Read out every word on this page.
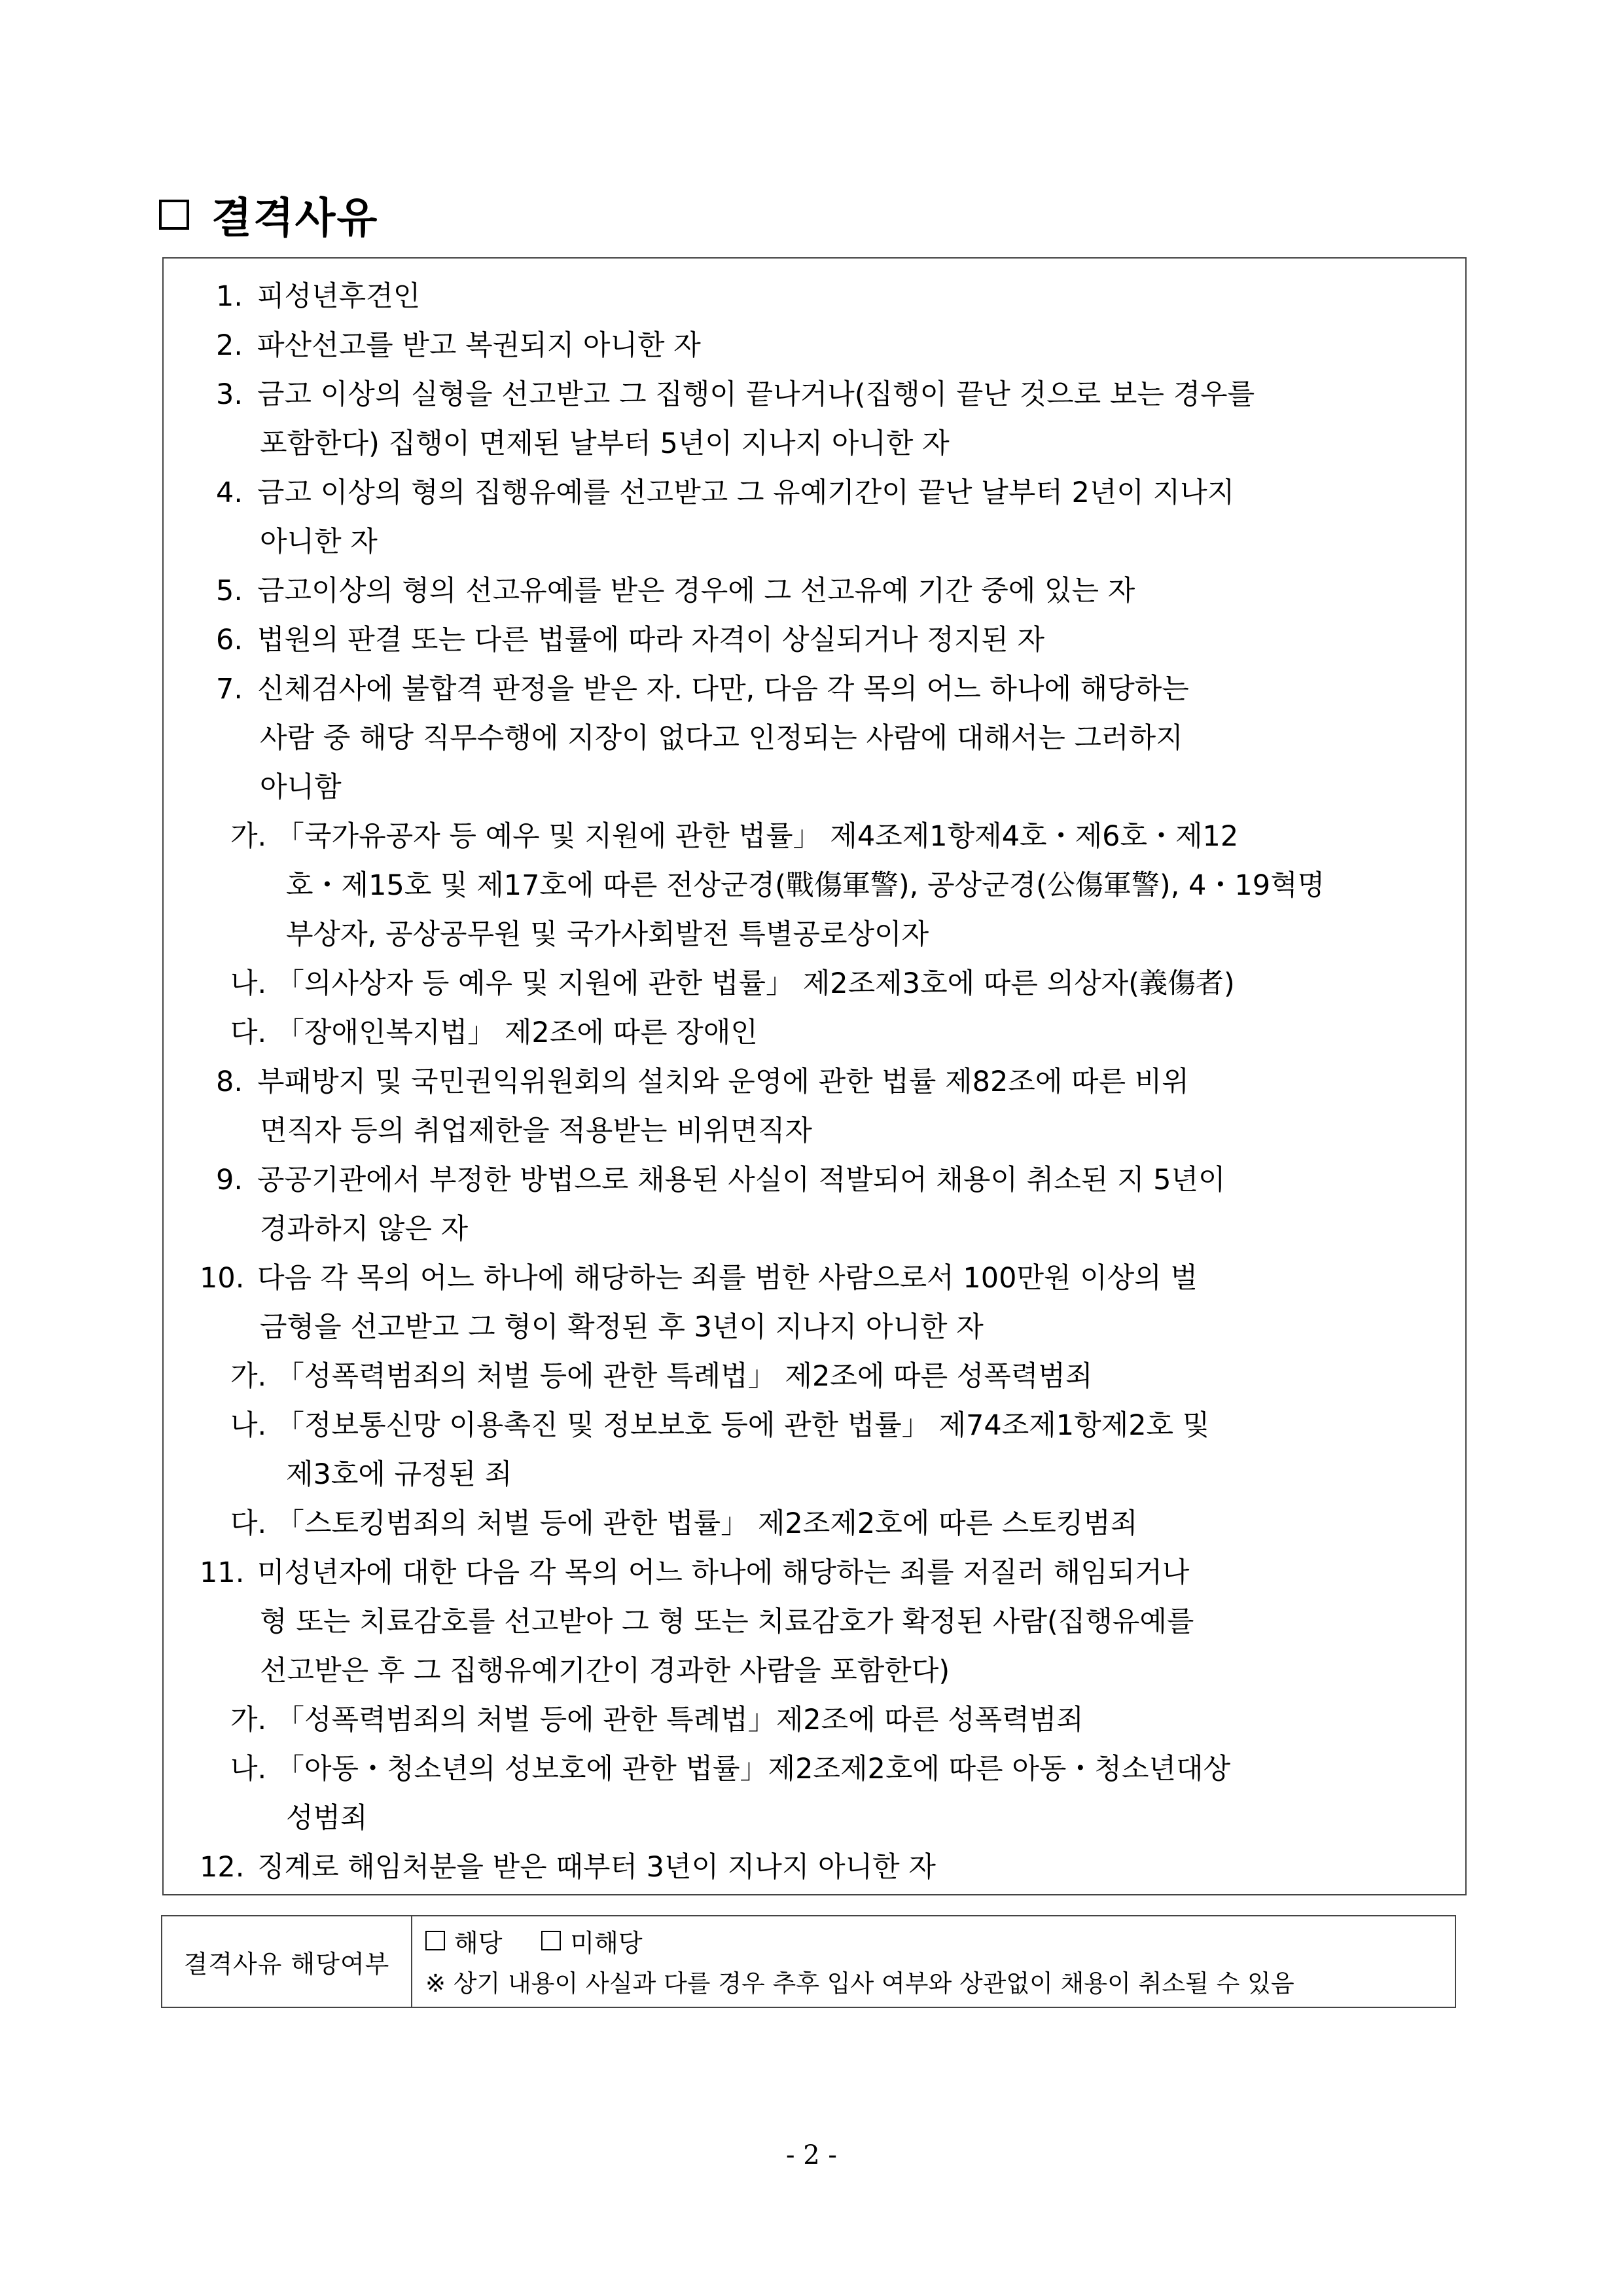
결격사유
1. 피성년후견인
2. 파산선고를 받고 복권되지 아니한 자
3. 금고 이상의 실형을 선고받고 그 집행이 끝나거나(집행이 끝난 것으로 보는 경우를
포함한다) 집행이 면제된 날부터 5년이 지나지 아니한 자
4. 금고 이상의 형의 집행유예를 선고받고 그 유예기간이 끝난 날부터 2년이 지나지
아니한 자
5. 금고이상의 형의 선고유예를 받은 경우에 그 선고유예 기간 중에 있는 자
6. 법원의 판결 또는 다른 법률에 따라 자격이 상실되거나 정지된 자
7. 신체검사에 불합격 판정을 받은 자. 다만, 다음 각 목의 어느 하나에 해당하는
사람 중 해당 직무수행에 지장이 없다고 인정되는 사람에 대해서는 그러하지
아니함
가. 「국가유공자 등 예우 및 지원에 관한 법률」 제4조제1항제4호・제6호・제12
호・제15호 및 제17호에 따른 전상군경(戰傷軍警), 공상군경(公傷軍警), 4・19혁명
부상자, 공상공무원 및 국가사회발전 특별공로상이자
나. 「의사상자 등 예우 및 지원에 관한 법률」 제2조제3호에 따른 의상자(義傷者)
다. 「장애인복지법」 제2조에 따른 장애인
8. 부패방지 및 국민권익위원회의 설치와 운영에 관한 법률 제82조에 따른 비위
면직자 등의 취업제한을 적용받는 비위면직자
9. 공공기관에서 부정한 방법으로 채용된 사실이 적발되어 채용이 취소된 지 5년이
경과하지 않은 자
10. 다음 각 목의 어느 하나에 해당하는 죄를 범한 사람으로서 100만원 이상의 벌
금형을 선고받고 그 형이 확정된 후 3년이 지나지 아니한 자
가. 「성폭력범죄의 처벌 등에 관한 특례법」 제2조에 따른 성폭력범죄
나. 「정보통신망 이용촉진 및 정보보호 등에 관한 법률」 제74조제1항제2호 및
제3호에 규정된 죄
다. 「스토킹범죄의 처벌 등에 관한 법률」 제2조제2호에 따른 스토킹범죄
11. 미성년자에 대한 다음 각 목의 어느 하나에 해당하는 죄를 저질러 해임되거나
형 또는 치료감호를 선고받아 그 형 또는 치료감호가 확정된 사람(집행유예를
선고받은 후 그 집행유예기간이 경과한 사람을 포함한다)
가. 「성폭력범죄의 처벌 등에 관한 특례법」제2조에 따른 성폭력범죄
나. 「아동・청소년의 성보호에 관한 법률」제2조제2호에 따른 아동・청소년대상
성범죄
12. 징계로 해임처분을 받은 때부터 3년이 지나지 아니한 자
결격사유 해당여부
해당	미해당
※ 상기 내용이 사실과 다를 경우 추후 입사 여부와 상관없이 채용이 취소될 수 있음
- 2 -
